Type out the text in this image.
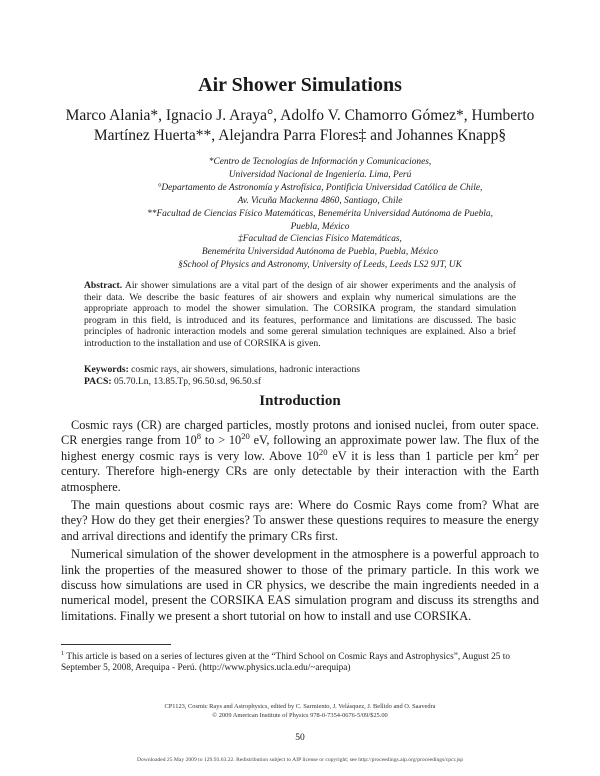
Air Shower Simulations
Marco Alania*, Ignacio J. Araya°, Adolfo V. Chamorro Gómez*, Humberto
Martínez Huerta**, Alejandra Parra Flores‡ and Johannes Knapp§
*Centro de Tecnologías de Información y Comunicaciones,
Universidad Nacional de Ingeniería. Lima, Perú
°Departamento de Astronomía y Astrofísica, Pontificia Universidad Católica de Chile,
Av. Vicuña Mackenna 4860, Santiago, Chile
**Facultad de Ciencias Físico Matemáticas, Benemérita Universidad Autónoma de Puebla,
Puebla, México
‡Facultad de Ciencias Físico Matemáticas,
Benemérita Universidad Autónoma de Puebla, Puebla, México
§School of Physics and Astronomy, University of Leeds, Leeds LS2 9JT, UK
Abstract. Air shower simulations are a vital part of the design of air shower experiments and the analysis of their data. We describe the basic features of air showers and explain why numerical simulations are the appropriate approach to model the shower simulation. The CORSIKA program, the standard simulation program in this field, is introduced and its features, performance and limitations are discussed. The basic principles of hadronic interaction models and some gereral simulation techniques are explained. Also a brief introduction to the installation and use of CORSIKA is given.
Keywords: cosmic rays, air showers, simulations, hadronic interactions
PACS: 05.70.Ln, 13.85.Tp, 96.50.sd, 96.50.sf
Introduction

Cosmic rays (CR) are charged particles, mostly protons and ionised nuclei, from outer space. CR energies range from $10^8$ to > $10^{20}$ eV, following an approximate power law. The flux of the highest energy cosmic rays is very low. Above $10^{20}$ eV it is less than 1 particle per $km^2$ per century. Therefore high-energy CRs are only detectable by their interaction with the Earth atmosphere.

The main questions about cosmic rays are: Where do Cosmic Rays come from? What are they? How do they get their energies? To answer these questions requires to measure the energy and arrival directions and identify the primary CRs first.

Numerical simulation of the shower development in the atmosphere is a powerful approach to link the properties of the measured shower to those of the primary particle. In this work we discuss how simulations are used in CR physics, we describe the main ingredients needed in a numerical model, present the CORSIKA EAS simulation program and discuss its strengths and limitations. Finally we present a short tutorial on how to install and use CORSIKA.

$^1$ This article is based on a series of lectures given at the “Third School on Cosmic Rays and Astrophysics”, August 25 to September 5, 2008, Arequipa - Perú. (http://www.physics.ucla.edu/~arequipa)
CP1123, Cosmic Rays and Astrophysics, edited by C. Sarmiento, J. Velásquez, J. Bellido and O. Saavedra
© 2009 American Institute of Physics 978-0-7354-0676-5/09/$25.00
50
Downloaded 25 May 2009 to 129.93.63.22. Redistribution subject to AIP license or copyright; see http://proceedings.aip.org/proceedings/cpcr.jsp
